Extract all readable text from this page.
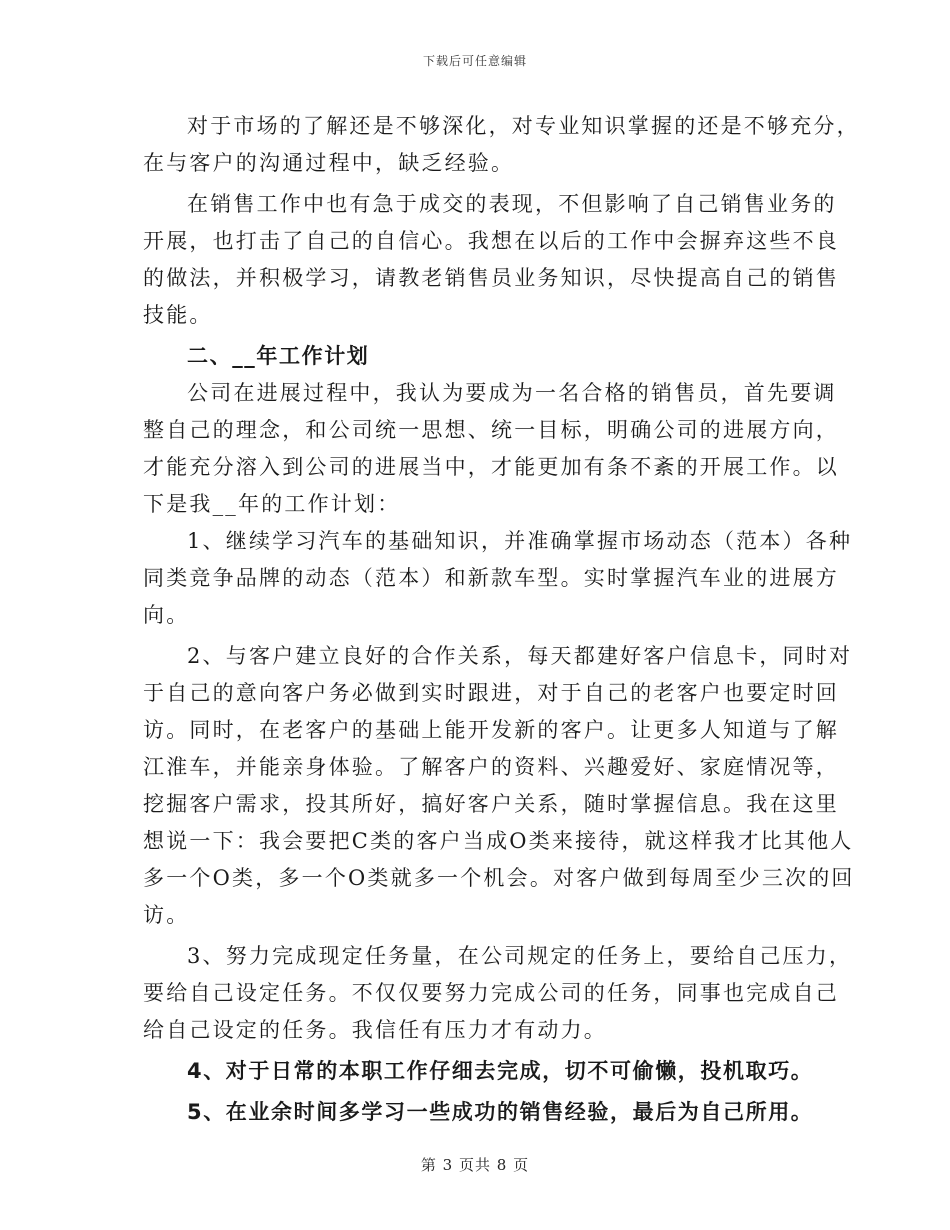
下载后可任意编辑
对于市场的了解还是不够深化，对专业知识掌握的还是不够充分，
在与客户的沟通过程中，缺乏经验。
在销售工作中也有急于成交的表现，不但影响了自己销售业务的
开展，也打击了自己的自信心。我想在以后的工作中会摒弃这些不良
的做法，并积极学习，请教老销售员业务知识，尽快提高自己的销售
技能。
二、__年工作计划
公司在进展过程中，我认为要成为一名合格的销售员，首先要调
整自己的理念，和公司统一思想、统一目标，明确公司的进展方向，
才能充分溶入到公司的进展当中，才能更加有条不紊的开展工作。以
下是我__年的工作计划：
1、继续学习汽车的基础知识，并准确掌握市场动态（范本）各种
同类竞争品牌的动态（范本）和新款车型。实时掌握汽车业的进展方
向。
2、与客户建立良好的合作关系，每天都建好客户信息卡，同时对
于自己的意向客户务必做到实时跟进，对于自己的老客户也要定时回
访。同时，在老客户的基础上能开发新的客户。让更多人知道与了解
江淮车，并能亲身体验。了解客户的资料、兴趣爱好、家庭情况等，
挖掘客户需求，投其所好，搞好客户关系，随时掌握信息。我在这里
想说一下：我会要把C类的客户当成O类来接待，就这样我才比其他人
多一个O类，多一个O类就多一个机会。对客户做到每周至少三次的回
访。
3、努力完成现定任务量，在公司规定的任务上，要给自己压力，
要给自己设定任务。不仅仅要努力完成公司的任务，同事也完成自己
给自己设定的任务。我信任有压力才有动力。
4、对于日常的本职工作仔细去完成，切不可偷懒，投机取巧。
5、在业余时间多学习一些成功的销售经验，最后为自己所用。
第 3 页共 8 页
